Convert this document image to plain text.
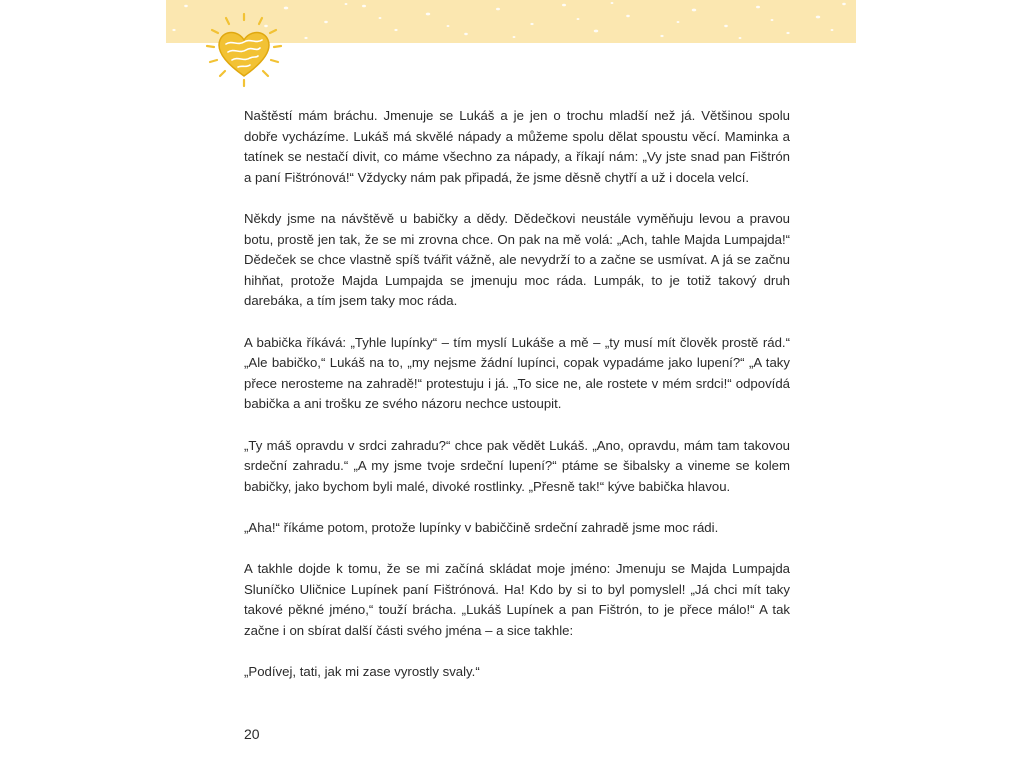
Naštěstí mám bráchu. Jmenuje se Lukáš a je jen o trochu mladší než já. Většinou spolu dobře vycházíme. Lukáš má skvělé nápady a můžeme spolu dělat spoustu věcí. Maminka a tatínek se nestačí divit, co máme všechno za nápady, a říkají nám: „Vy jste snad pan Fištrón a paní Fištrónová!“ Vždycky nám pak připadá, že jsme děsně chytří a už i docela velcí.

Někdy jsme na návštěvě u babičky a dědy. Dědečkovi neustále vyměňuju levou a pravou botu, prostě jen tak, že se mi zrovna chce. On pak na mě volá: „Ach, tahle Majda Lumpajda!“ Dědeček se chce vlastně spíš tvářit vážně, ale nevydrží to a začne se usmívat. A já se začnu hihňat, protože Majda Lumpajda se jmenuju moc ráda. Lumpák, to je totiž takový druh darebáka, a tím jsem taky moc ráda.

A babička říkává: „Tyhle lupínky“ – tím myslí Lukáše a mě – „ty musí mít člověk prostě rád.“ „Ale babičko,“ Lukáš na to, „my nejsme žádní lupínci, copak vypadáme jako lupení?“ „A taky přece nerosteme na zahradě!“ protestuju i já. „To sice ne, ale rostete v mém srdci!“ odpovídá babička a ani trošku ze svého názoru nechce ustoupit.

„Ty máš opravdu v srdci zahradu?“ chce pak vědět Lukáš. „Ano, opravdu, mám tam takovou srdeční zahradu.“ „A my jsme tvoje srdeční lupení?“ ptáme se šibalsky a vineme se kolem babičky, jako bychom byli malé, divoké rostlinky. „Přesně tak!“ kýve babička hlavou.

„Aha!“ říkáme potom, protože lupínky v babiččině srdeční zahradě jsme moc rádi.

A takhle dojde k tomu, že se mi začíná skládat moje jméno: Jmenuju se Majda Lumpajda Sluníčko Uličnice Lupínek paní Fištrónová. Ha! Kdo by si to byl pomyslel! „Já chci mít taky takové pěkné jméno,“ touží brácha. „Lukáš Lupínek a pan Fištrón, to je přece málo!“ A tak začne i on sbírat další části svého jména – a sice takhle:

„Podívej, tati, jak mi zase vyrostly svaly.“

20
